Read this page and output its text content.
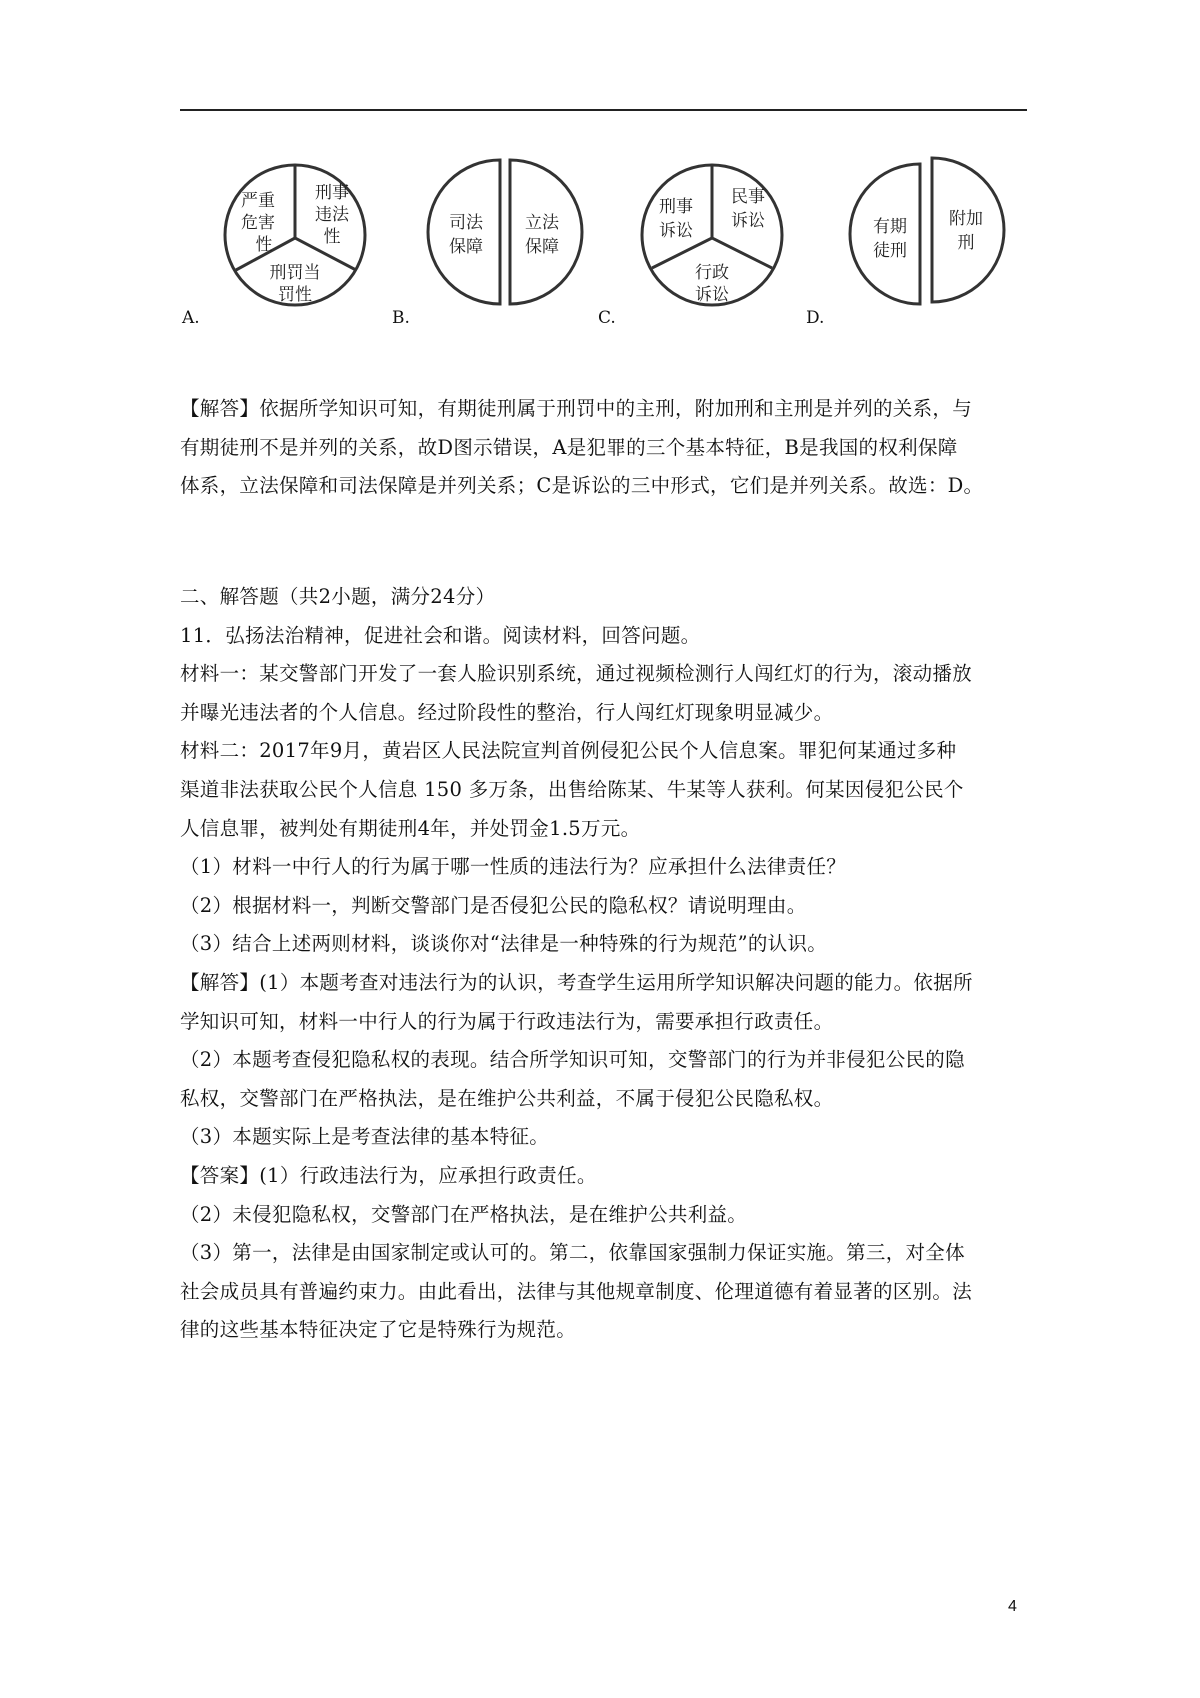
严重
危害
性
刑事
违法
性
刑罚当
罚性
司法
保障
立法
保障
刑事
诉讼
民事
诉讼
行政
诉讼
有期
徒刑
附加
刑
A.	B.	C.	D.

【解答】依据所学知识可知，有期徒刑属于刑罚中的主刑，附加刑和主刑是并列的关系，与

有期徒刑不是并列的关系，故D图示错误，A是犯罪的三个基本特征，B是我国的权利保障

体系，立法保障和司法保障是并列关系；C是诉讼的三中形式，它们是并列关系。故选：D。

二、解答题（共2小题，满分24分）

11．弘扬法治精神，促进社会和谐。阅读材料，回答问题。

材料一：某交警部门开发了一套人脸识别系统，通过视频检测行人闯红灯的行为，滚动播放

并曝光违法者的个人信息。经过阶段性的整治，行人闯红灯现象明显减少。

材料二：2017年9月，黄岩区人民法院宣判首例侵犯公民个人信息案。罪犯何某通过多种

渠道非法获取公民个人信息 150 多万条，出售给陈某、牛某等人获利。何某因侵犯公民个

人信息罪，被判处有期徒刑4年，并处罚金1.5万元。

（1）材料一中行人的行为属于哪一性质的违法行为？应承担什么法律责任？

（2）根据材料一，判断交警部门是否侵犯公民的隐私权？请说明理由。

（3）结合上述两则材料，谈谈你对“法律是一种特殊的行为规范”的认识。

【解答】(1）本题考查对违法行为的认识，考查学生运用所学知识解决问题的能力。依据所

学知识可知，材料一中行人的行为属于行政违法行为，需要承担行政责任。

（2）本题考查侵犯隐私权的表现。结合所学知识可知，交警部门的行为并非侵犯公民的隐

私权，交警部门在严格执法，是在维护公共利益，不属于侵犯公民隐私权。

（3）本题实际上是考查法律的基本特征。

【答案】(1）行政违法行为，应承担行政责任。

（2）未侵犯隐私权，交警部门在严格执法，是在维护公共利益。

（3）第一，法律是由国家制定或认可的。第二，依靠国家强制力保证实施。第三，对全体

社会成员具有普遍约束力。由此看出，法律与其他规章制度、伦理道德有着显著的区别。法

律的这些基本特征决定了它是特殊行为规范。

4
